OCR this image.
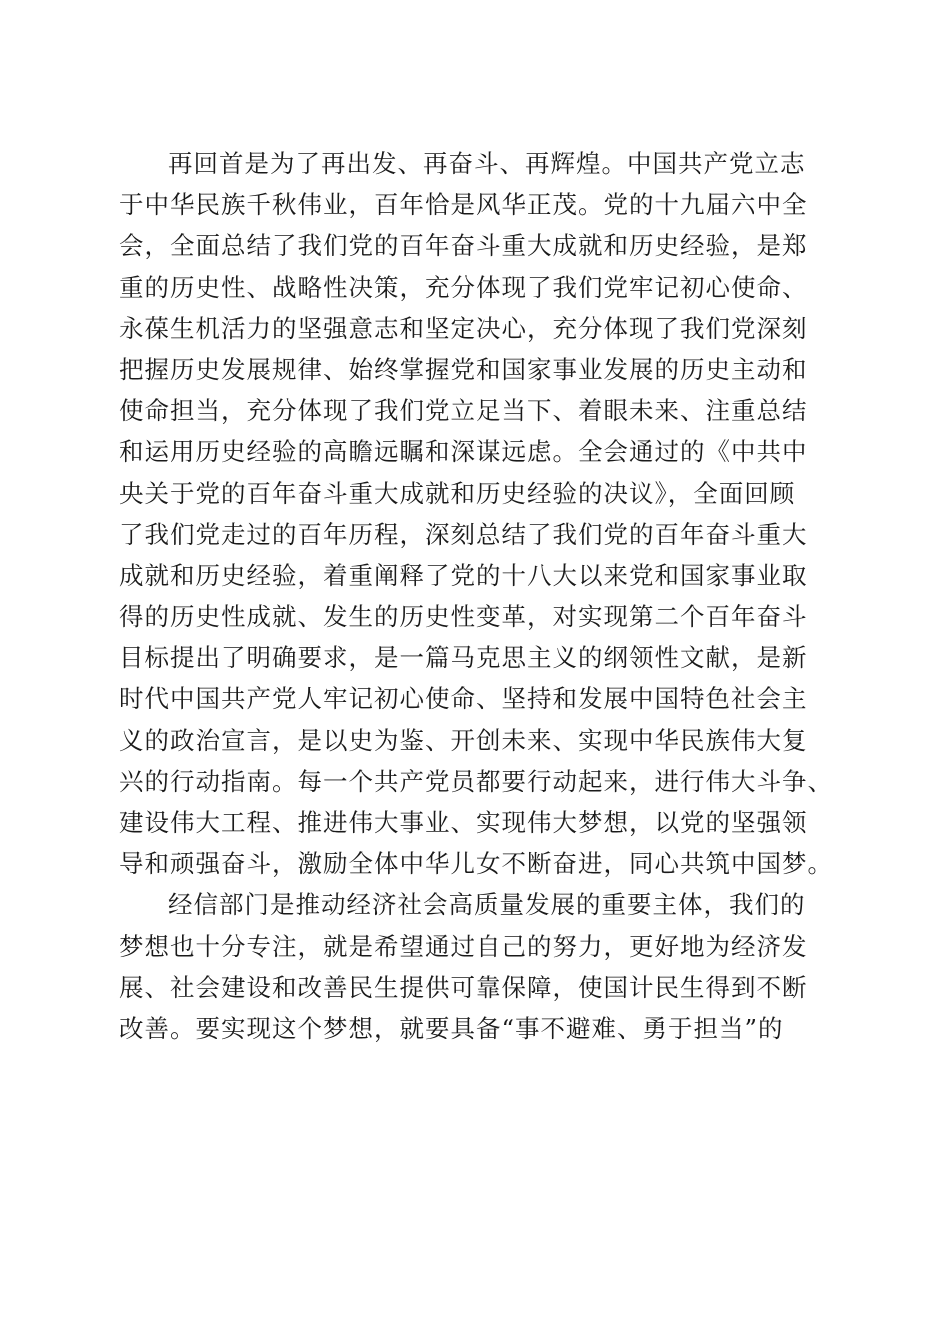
再回首是为了再出发、再奋斗、再辉煌。中国共产党立志
于中华民族千秋伟业，百年恰是风华正茂。党的十九届六中全
会，全面总结了我们党的百年奋斗重大成就和历史经验，是郑
重的历史性、战略性决策，充分体现了我们党牢记初心使命、
永葆生机活力的坚强意志和坚定决心，充分体现了我们党深刻
把握历史发展规律、始终掌握党和国家事业发展的历史主动和
使命担当，充分体现了我们党立足当下、着眼未来、注重总结
和运用历史经验的高瞻远瞩和深谋远虑。全会通过的《中共中
央关于党的百年奋斗重大成就和历史经验的决议》，全面回顾
了我们党走过的百年历程，深刻总结了我们党的百年奋斗重大
成就和历史经验，着重阐释了党的十八大以来党和国家事业取
得的历史性成就、发生的历史性变革，对实现第二个百年奋斗
目标提出了明确要求，是一篇马克思主义的纲领性文献，是新
时代中国共产党人牢记初心使命、坚持和发展中国特色社会主
义的政治宣言，是以史为鉴、开创未来、实现中华民族伟大复
兴的行动指南。每一个共产党员都要行动起来，进行伟大斗争、
建设伟大工程、推进伟大事业、实现伟大梦想，以党的坚强领
导和顽强奋斗，激励全体中华儿女不断奋进，同心共筑中国梦。
经信部门是推动经济社会高质量发展的重要主体，我们的
梦想也十分专注，就是希望通过自己的努力，更好地为经济发
展、社会建设和改善民生提供可靠保障，使国计民生得到不断
改善。要实现这个梦想，就要具备“事不避难、勇于担当”的
